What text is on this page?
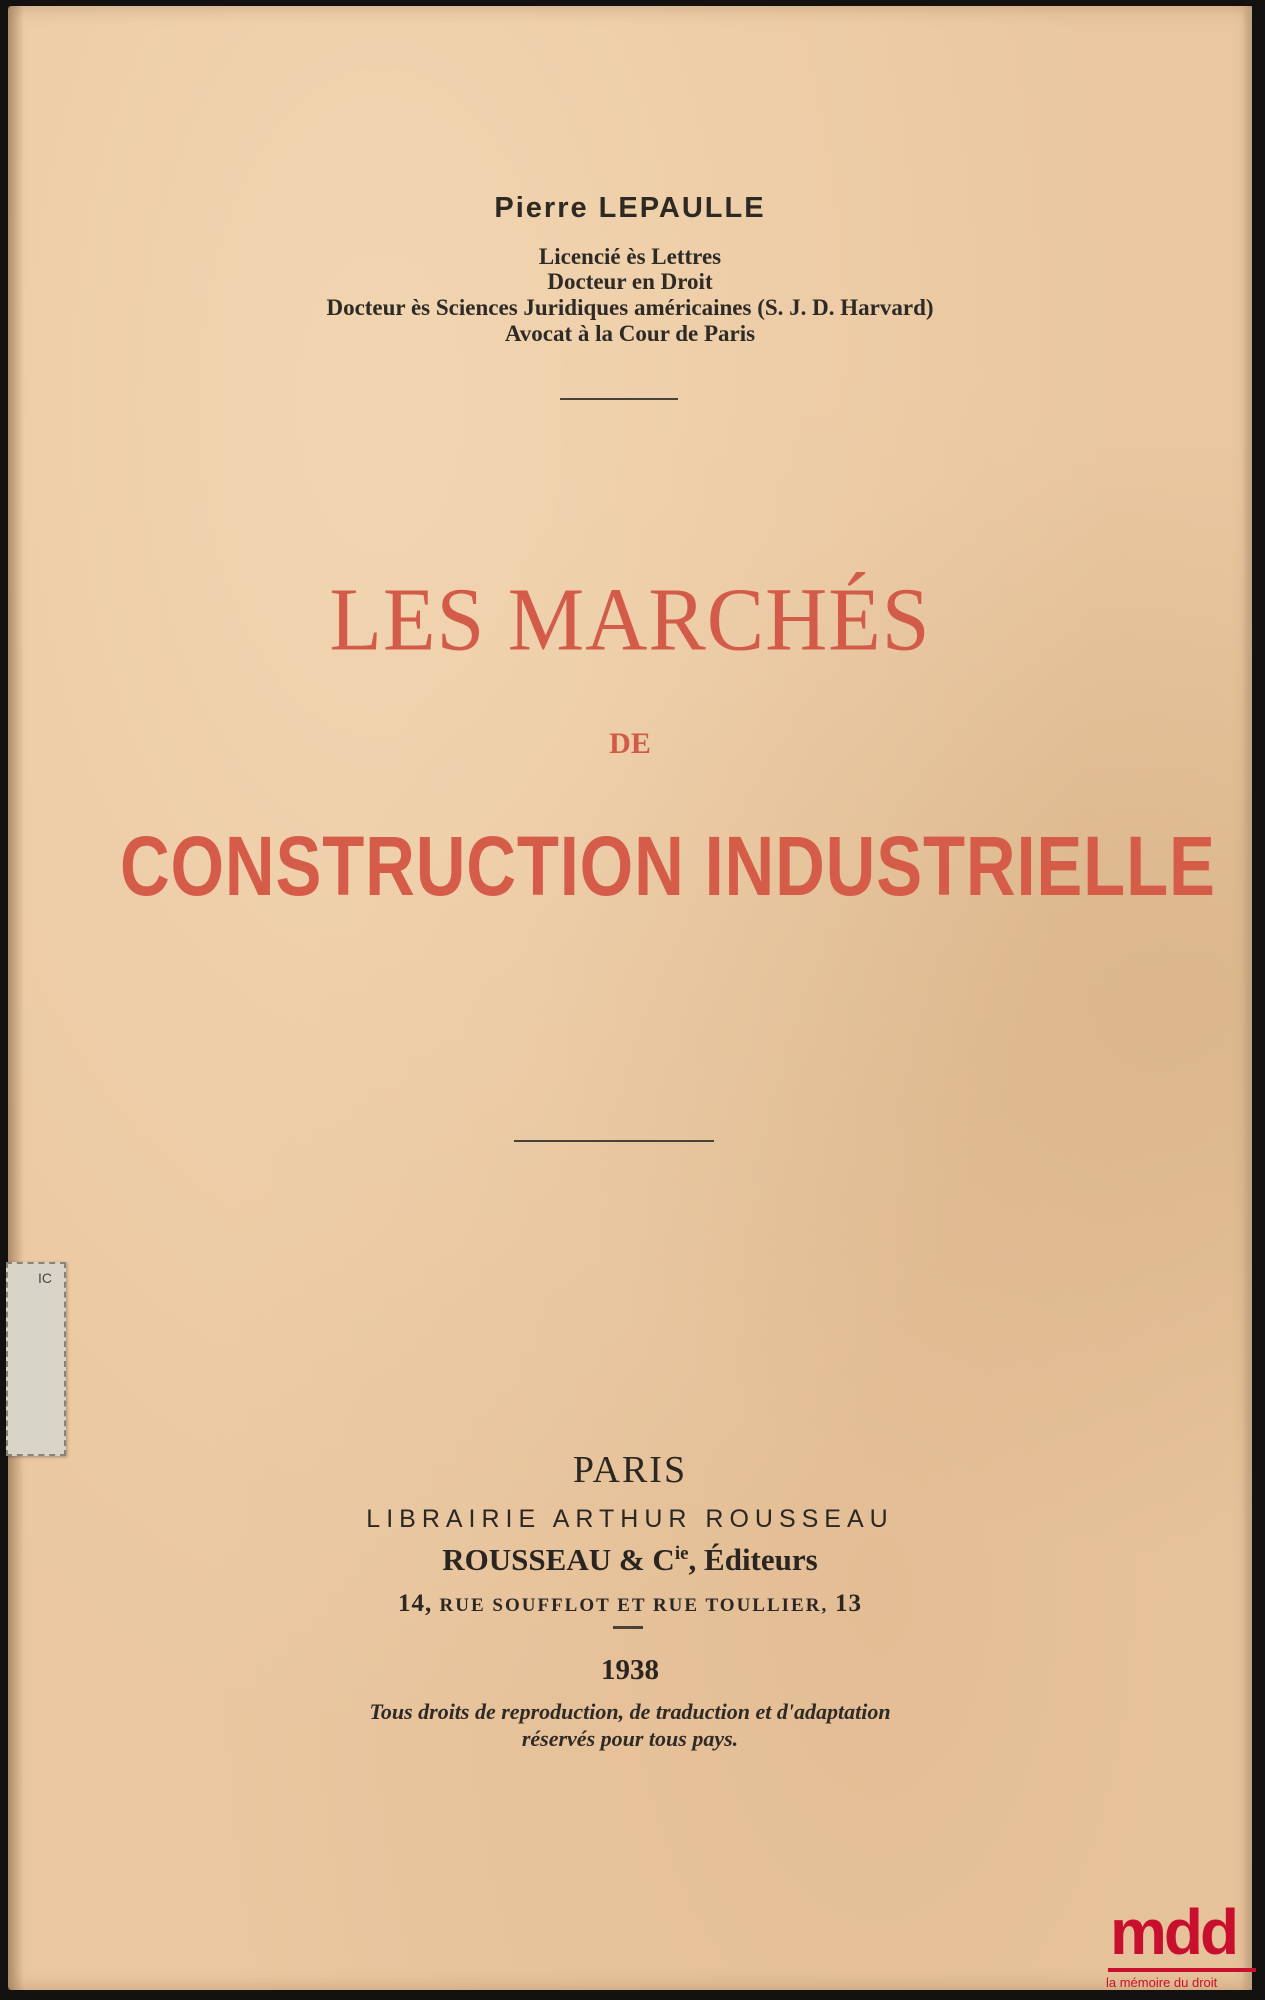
Pierre LEPAULLE
Licencié ès Lettres
Docteur en Droit
Docteur ès Sciences Juridiques américaines (S. J. D. Harvard)
Avocat à la Cour de Paris
LES MARCHÉS
DE
CONSTRUCTION INDUSTRIELLE
PARIS
LIBRAIRIE ARTHUR ROUSSEAU
ROUSSEAU & $C^{ie}$, Éditeurs
14, RUE SOUFFLOT ET RUE TOULLIER, 13
1938
Tous droits de reproduction, de traduction et d'adaptation
réservés pour tous pays.
IC
mdd
la mémoire du droit
